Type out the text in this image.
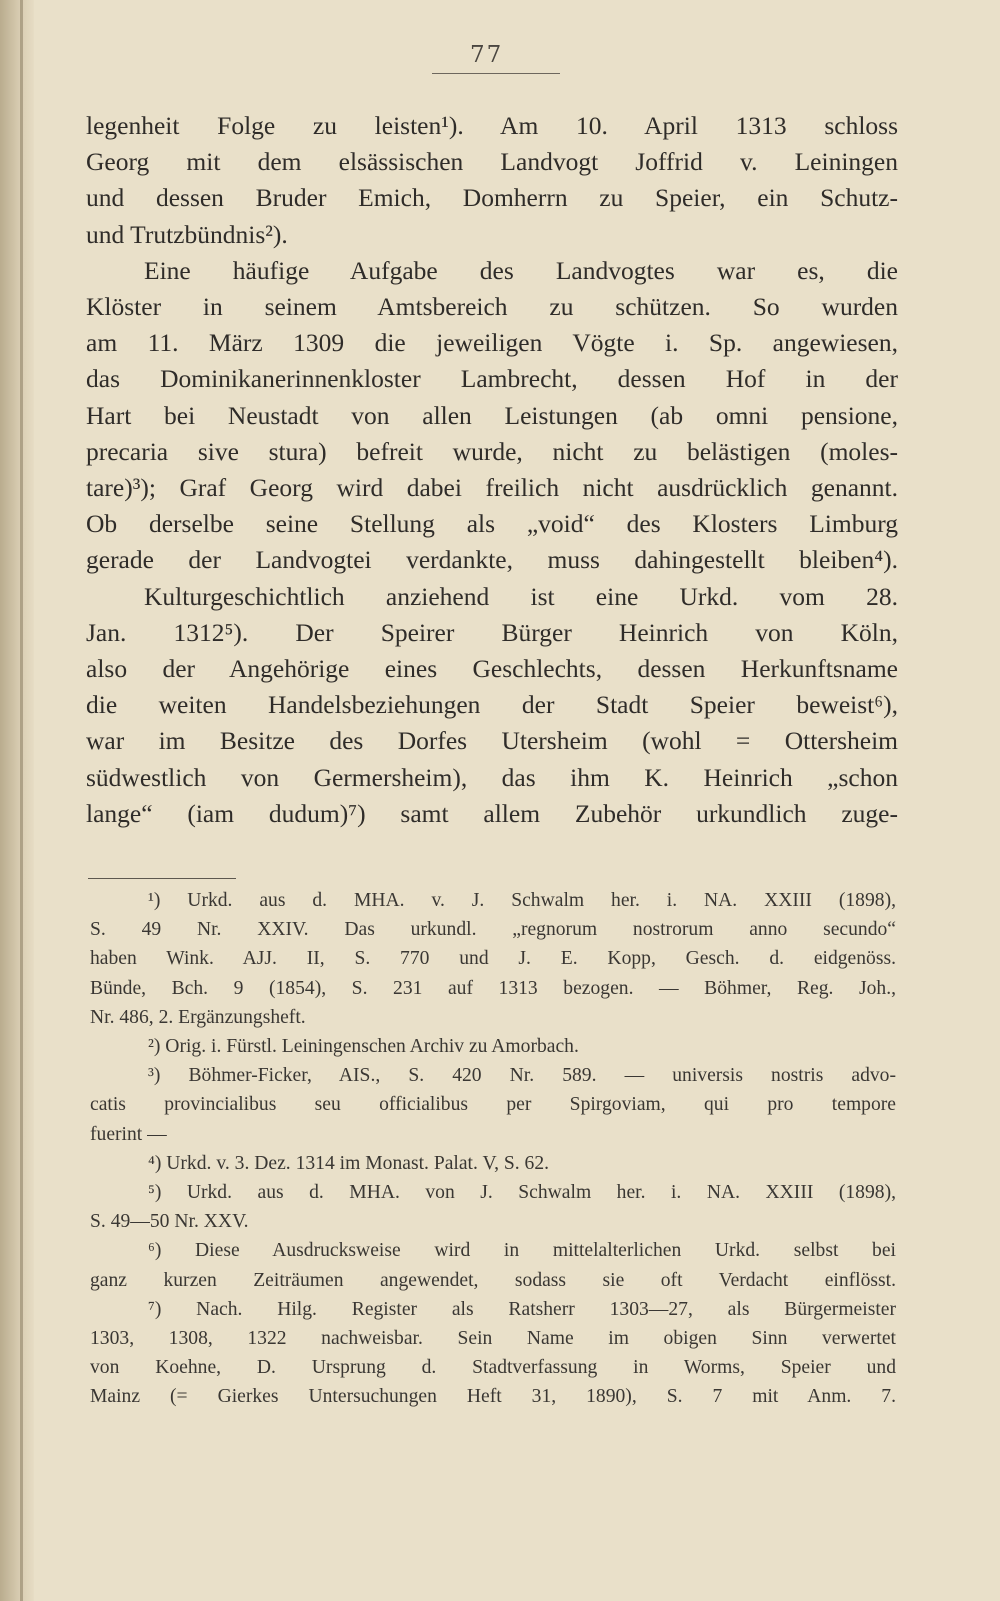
77
legenheit Folge zu leisten¹). Am 10. April 1313 schloss
Georg mit dem elsässischen Landvogt Joffrid v. Leiningen
und dessen Bruder Emich, Domherrn zu Speier, ein Schutz-
und Trutzbündnis²).
Eine häufige Aufgabe des Landvogtes war es, die
Klöster in seinem Amtsbereich zu schützen. So wurden
am 11. März 1309 die jeweiligen Vögte i. Sp. angewiesen,
das Dominikanerinnenkloster Lambrecht, dessen Hof in der
Hart bei Neustadt von allen Leistungen (ab omni pensione,
precaria sive stura) befreit wurde, nicht zu belästigen (moles-
tare)³); Graf Georg wird dabei freilich nicht ausdrücklich genannt.
Ob derselbe seine Stellung als „void“ des Klosters Limburg
gerade der Landvogtei verdankte, muss dahingestellt bleiben⁴).
Kulturgeschichtlich anziehend ist eine Urkd. vom 28.
Jan. 1312⁵). Der Speirer Bürger Heinrich von Köln,
also der Angehörige eines Geschlechts, dessen Herkunftsname
die weiten Handelsbeziehungen der Stadt Speier beweist⁶),
war im Besitze des Dorfes Utersheim (wohl = Ottersheim
südwestlich von Germersheim), das ihm K. Heinrich „schon
lange“ (iam dudum)⁷) samt allem Zubehör urkundlich zuge-
¹) Urkd. aus d. MHA. v. J. Schwalm her. i. NA. XXIII (1898),
S. 49 Nr. XXIV. Das urkundl. „regnorum nostrorum anno secundo“
haben Wink. AJJ. II, S. 770 und J. E. Kopp, Gesch. d. eidgenöss.
Bünde, Bch. 9 (1854), S. 231 auf 1313 bezogen. — Böhmer, Reg. Joh.,
Nr. 486, 2. Ergänzungsheft.
²) Orig. i. Fürstl. Leiningenschen Archiv zu Amorbach.
³) Böhmer-Ficker, AIS., S. 420 Nr. 589. — universis nostris advo-
catis provincialibus seu officialibus per Spirgoviam, qui pro tempore
fuerint —
⁴) Urkd. v. 3. Dez. 1314 im Monast. Palat. V, S. 62.
⁵) Urkd. aus d. MHA. von J. Schwalm her. i. NA. XXIII (1898),
S. 49—50 Nr. XXV.
⁶) Diese Ausdrucksweise wird in mittelalterlichen Urkd. selbst bei
ganz kurzen Zeiträumen angewendet, sodass sie oft Verdacht einflösst.
⁷) Nach. Hilg. Register als Ratsherr 1303—27, als Bürgermeister
1303, 1308, 1322 nachweisbar. Sein Name im obigen Sinn verwertet
von Koehne, D. Ursprung d. Stadtverfassung in Worms, Speier und
Mainz (= Gierkes Untersuchungen Heft 31, 1890), S. 7 mit Anm. 7.
